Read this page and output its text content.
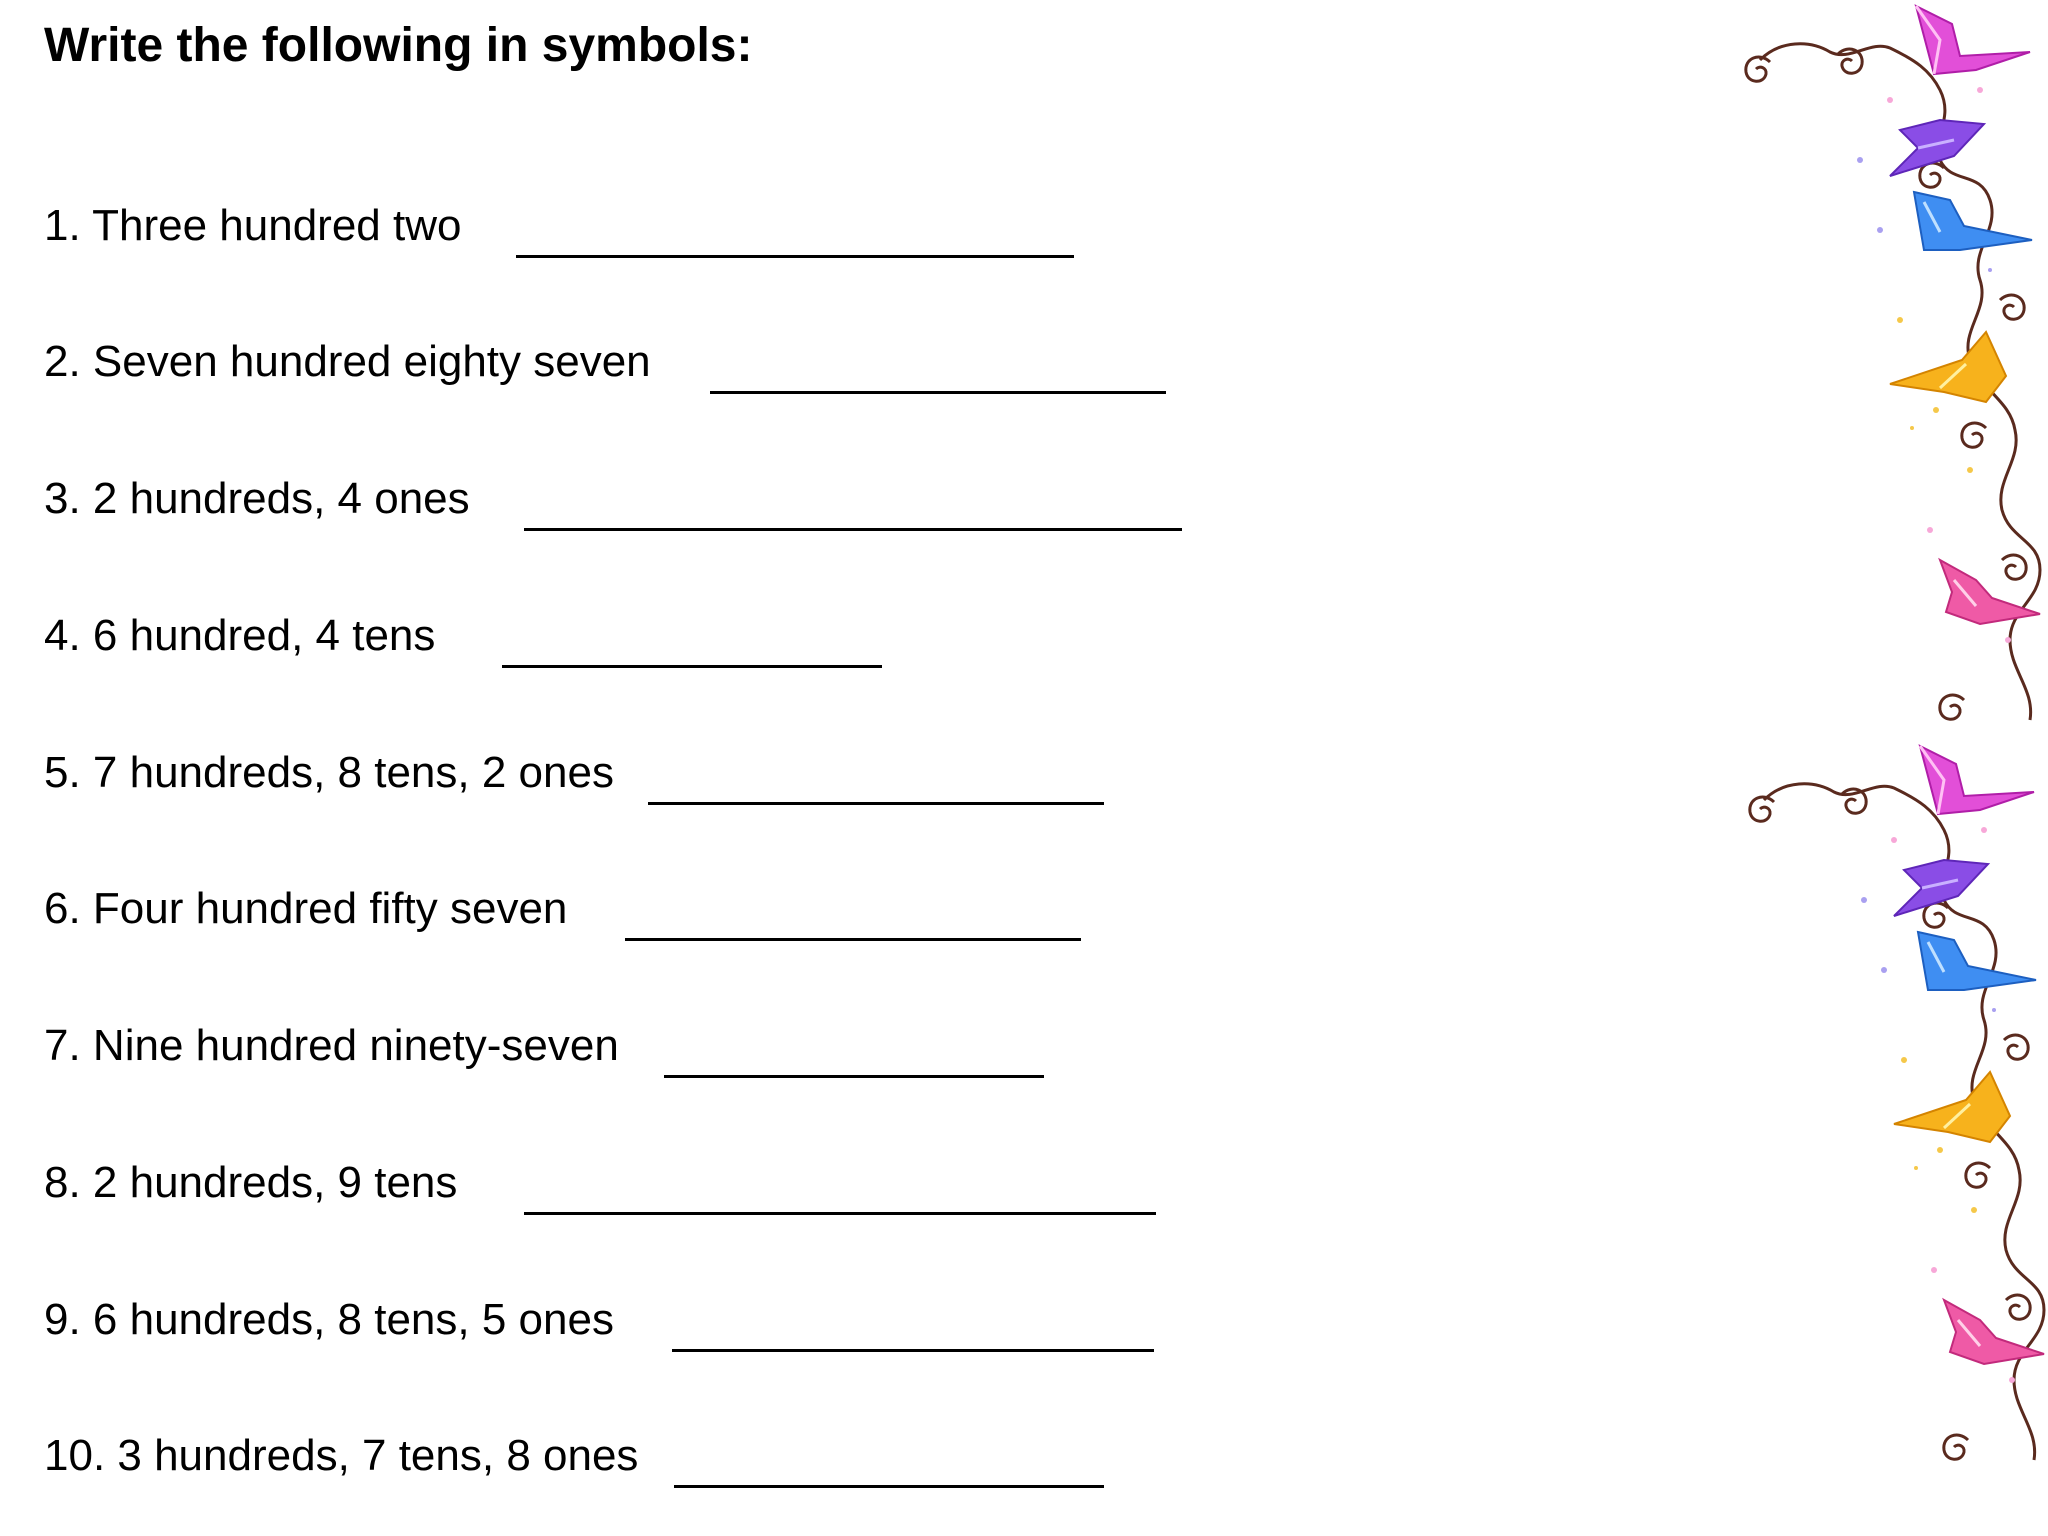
Write the following in symbols:
1. Three hundred two
2. Seven hundred eighty seven
3. 2 hundreds, 4 ones
4. 6 hundred, 4 tens
5. 7 hundreds, 8 tens, 2 ones
6. Four hundred fifty seven
7. Nine hundred ninety-seven
8. 2 hundreds, 9 tens
9. 6 hundreds, 8 tens, 5 ones
10. 3 hundreds, 7 tens, 8 ones
